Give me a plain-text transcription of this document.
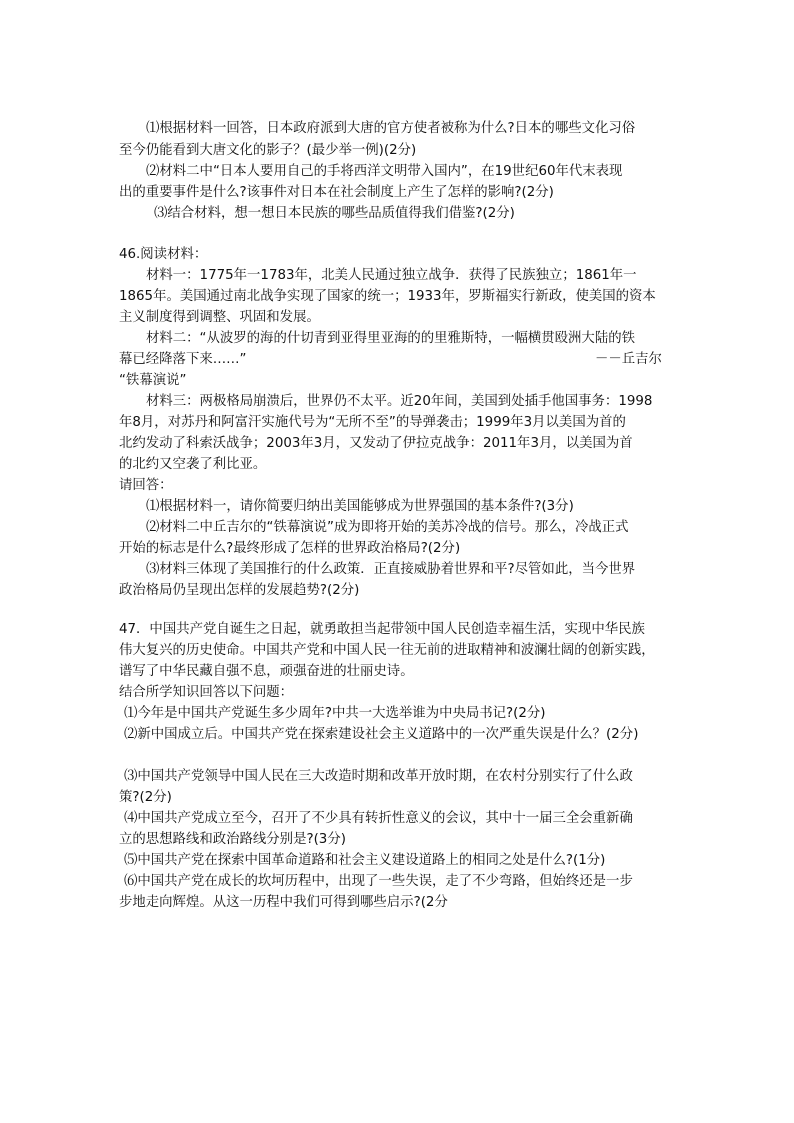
⑴根据材料一回答，日本政府派到大唐的官方使者被称为什么?日本的哪些文化习俗
至今仍能看到大唐文化的影子？(最少举一例)(2分)
⑵材料二中“日本人要用自己的手将西洋文明带入国内”，在19世纪60年代末表现
出的重要事件是什么?该事件对日本在社会制度上产生了怎样的影响?(2分)
⑶结合材料，想一想日本民族的哪些品质值得我们借鉴?(2分)
46.阅读材料：
材料一：1775年一1783年，北美人民通过独立战争．获得了民族独立；1861年一
1865年。美国通过南北战争实现了国家的统一；1933年，罗斯福实行新政，使美国的资本
主义制度得到调整、巩固和发展。
材料二：“从波罗的海的什切青到亚得里亚海的的里雅斯特，一幅横贯殴洲大陆的铁
幕已经降落下来……”	－－丘吉尔
“铁幕演说”
材料三：两极格局崩溃后，世界仍不太平。近20年间，美国到处插手他国事务：1998
年8月，对苏丹和阿富汗实施代号为“无所不至”的导弹袭击；1999年3月以美国为首的
北约发动了科索沃战争；2003年3月，又发动了伊拉克战争：2011年3月，以美国为首
的北约又空袭了利比亚。
请回答：
⑴根据材料一，请你简要归纳出美国能够成为世界强国的基本条件?(3分)
⑵材料二中丘吉尔的“铁幕演说”成为即将开始的美苏冷战的信号。那么，冷战正式
开始的标志是什么?最终形成了怎样的世界政治格局?(2分)
⑶材料三体现了美国推行的什么政策．正直接威胁着世界和平?尽管如此，当今世界
政治格局仍呈现出怎样的发展趋势?(2分)
47．中国共产党自诞生之日起，就勇敢担当起带领中国人民创造幸福生活，实现中华民族
伟大复兴的历史使命。中国共产党和中国人民一往无前的进取精神和波澜壮阔的创新实践，
谱写了中华民藏自强不息，顽强奋进的壮丽史诗。
结合所学知识回答以下问题：
⑴今年是中国共产党诞生多少周年?中共一大选举谁为中央局书记?(2分)
⑵新中国成立后。中国共产党在探索建设社会主义道路中的一次严重失误是什么？(2分)
⑶中国共产党领导中国人民在三大改造时期和改革开放时期，在农村分别实行了什么政
策?(2分)
⑷中国共产党成立至今，召开了不少具有转折性意义的会议，其中十一届三全会重新确
立的思想路线和政治路线分别是?(3分)
⑸中国共产党在探索中国革命道路和社会主义建设道路上的相同之处是什么?(1分)
⑹中国共产党在成长的坎坷历程中，出现了一些失误，走了不少弯路，但始终还是一步
步地走向辉煌。从这一历程中我们可得到哪些启示?(2分
